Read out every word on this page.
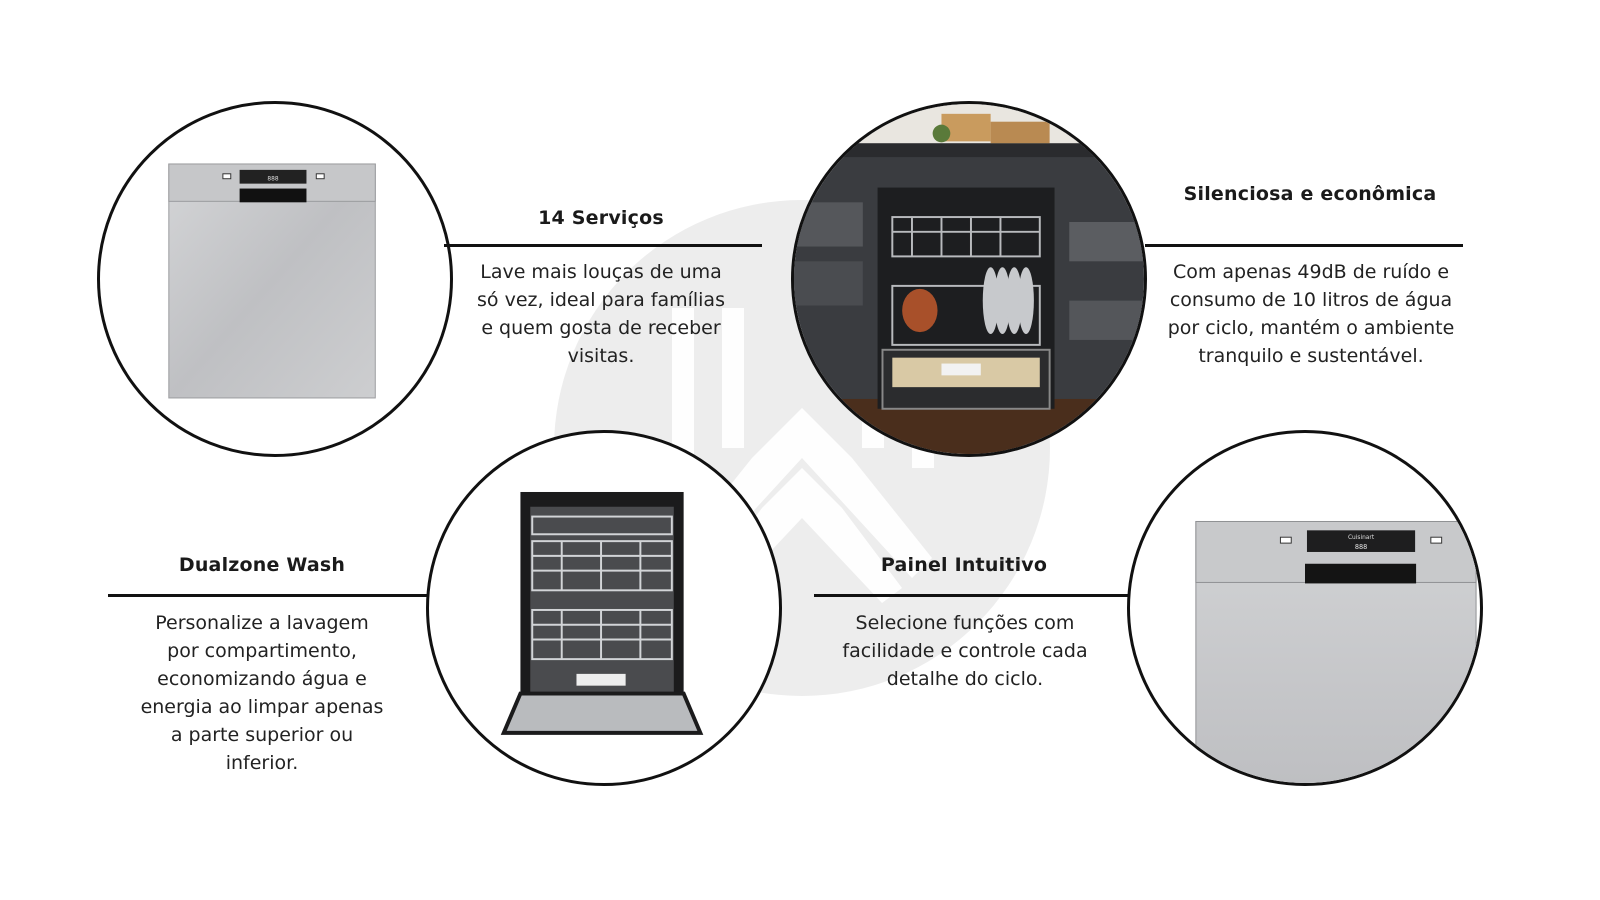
888
Cuisinart
888
14 Serviços
Lave mais louças de uma só vez, ideal para famílias e quem gosta de receber visitas.
Silenciosa e econômica
Com apenas 49dB de ruído e consumo de 10 litros de água por ciclo, mantém o ambiente tranquilo e sustentável.
Dualzone Wash
Personalize a lavagem por compartimento, economizando água e energia ao limpar apenas a parte superior ou inferior.
Painel Intuitivo
Selecione funções com facilidade e controle cada detalhe do ciclo.
